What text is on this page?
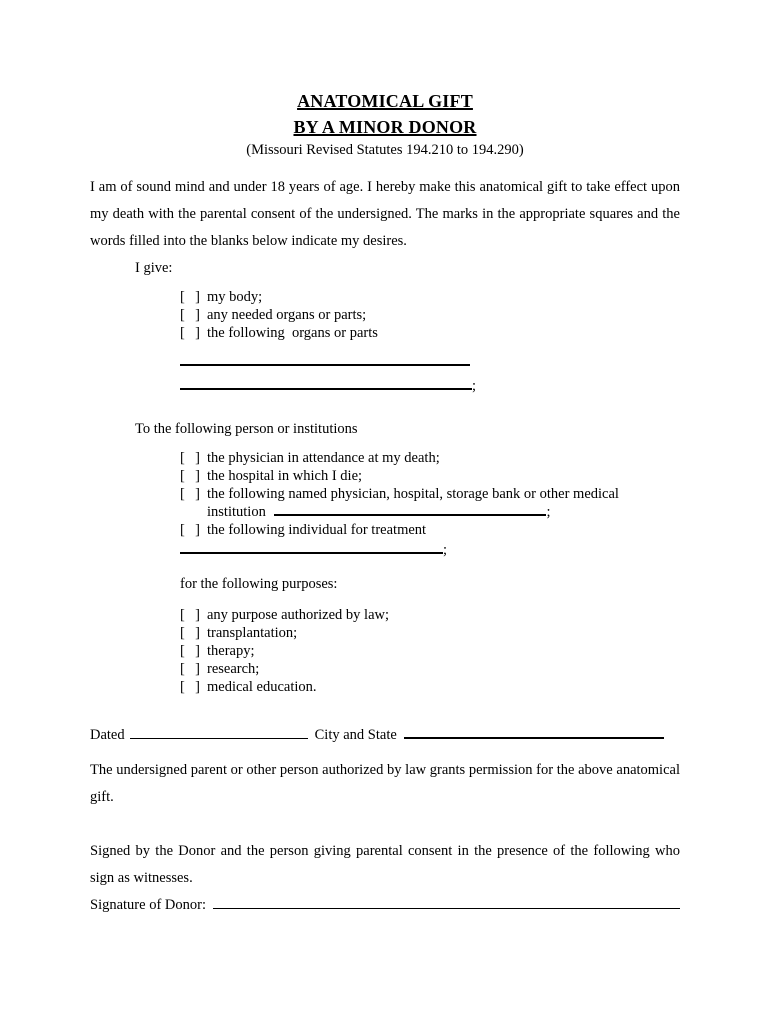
ANATOMICAL GIFT
BY A MINOR DONOR
(Missouri Revised Statutes 194.210 to 194.290)

I am of sound mind and under 18 years of age. I hereby make this anatomical gift to take effect upon my death with the parental consent of the undersigned. The marks in the appropriate squares and the words filled into the blanks below indicate my desires.

I give:
[ ] my body;
[ ] any needed organs or parts;
[ ] the following  organs or parts
;
To the following person or institutions
[ ] the physician in attendance at my death;
[ ] the hospital in which I die;
[ ] the following named physician, hospital, storage bank or other medical
institution	;
[ ] the following individual for treatment
;
for the following purposes:
[ ] any purpose authorized by law;
[ ] transplantation;
[ ] therapy;
[ ] research;
[ ] medical education.
Dated	City and State

The undersigned parent or other person authorized by law grants permission for the above anatomical gift.

Signed by the Donor and the person giving parental consent in the presence of the following who sign as witnesses.

Signature of Donor:
